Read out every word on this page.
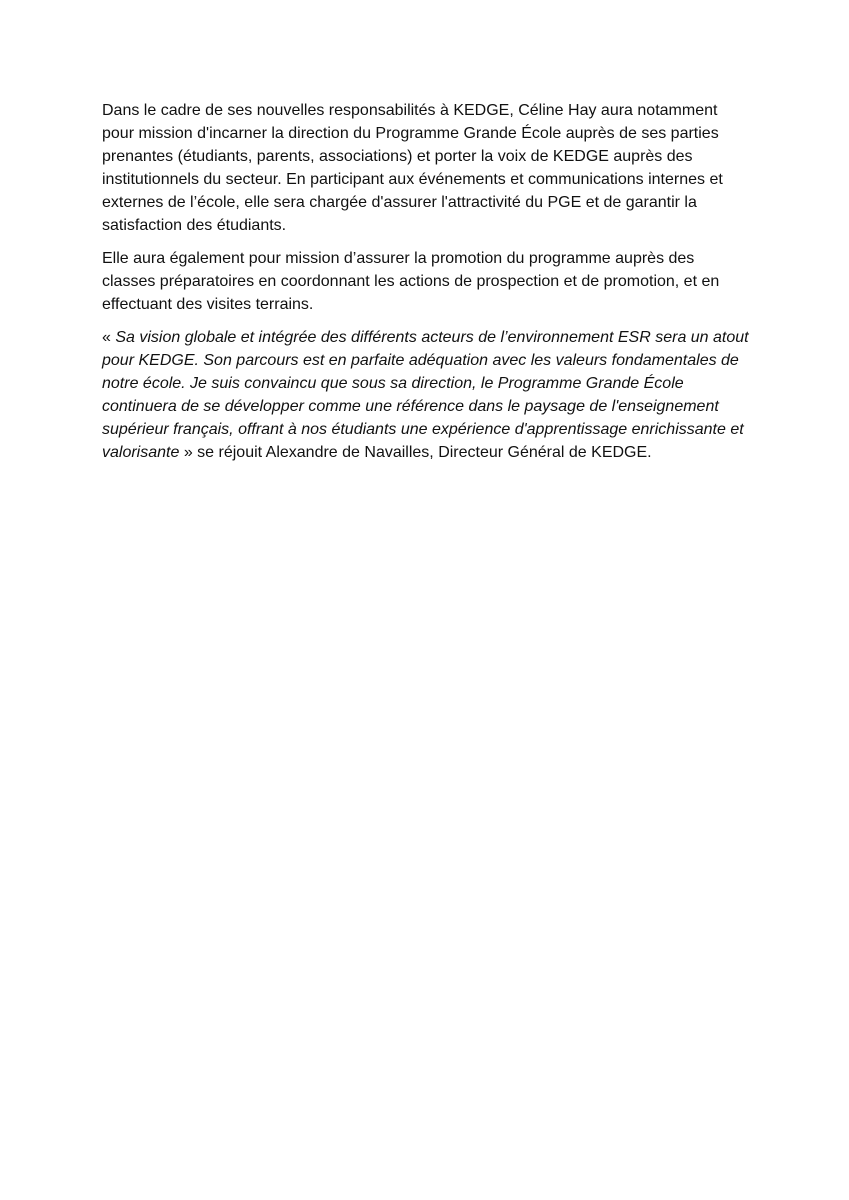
Dans le cadre de ses nouvelles responsabilités à KEDGE, Céline Hay aura notamment pour mission d'incarner la direction du Programme Grande École auprès de ses parties prenantes (étudiants, parents, associations) et porter la voix de KEDGE auprès des institutionnels du secteur. En participant aux événements et communications internes et externes de l’école, elle sera chargée d'assurer l'attractivité du PGE et de garantir la satisfaction des étudiants.

Elle aura également pour mission d’assurer la promotion du programme auprès des classes préparatoires en coordonnant les actions de prospection et de promotion, et en effectuant des visites terrains.

« Sa vision globale et intégrée des différents acteurs de l’environnement ESR sera un atout pour KEDGE. Son parcours est en parfaite adéquation avec les valeurs fondamentales de notre école. Je suis convaincu que sous sa direction, le Programme Grande École continuera de se développer comme une référence dans le paysage de l'enseignement supérieur français, offrant à nos étudiants une expérience d'apprentissage enrichissante et valorisante » se réjouit Alexandre de Navailles, Directeur Général de KEDGE.
